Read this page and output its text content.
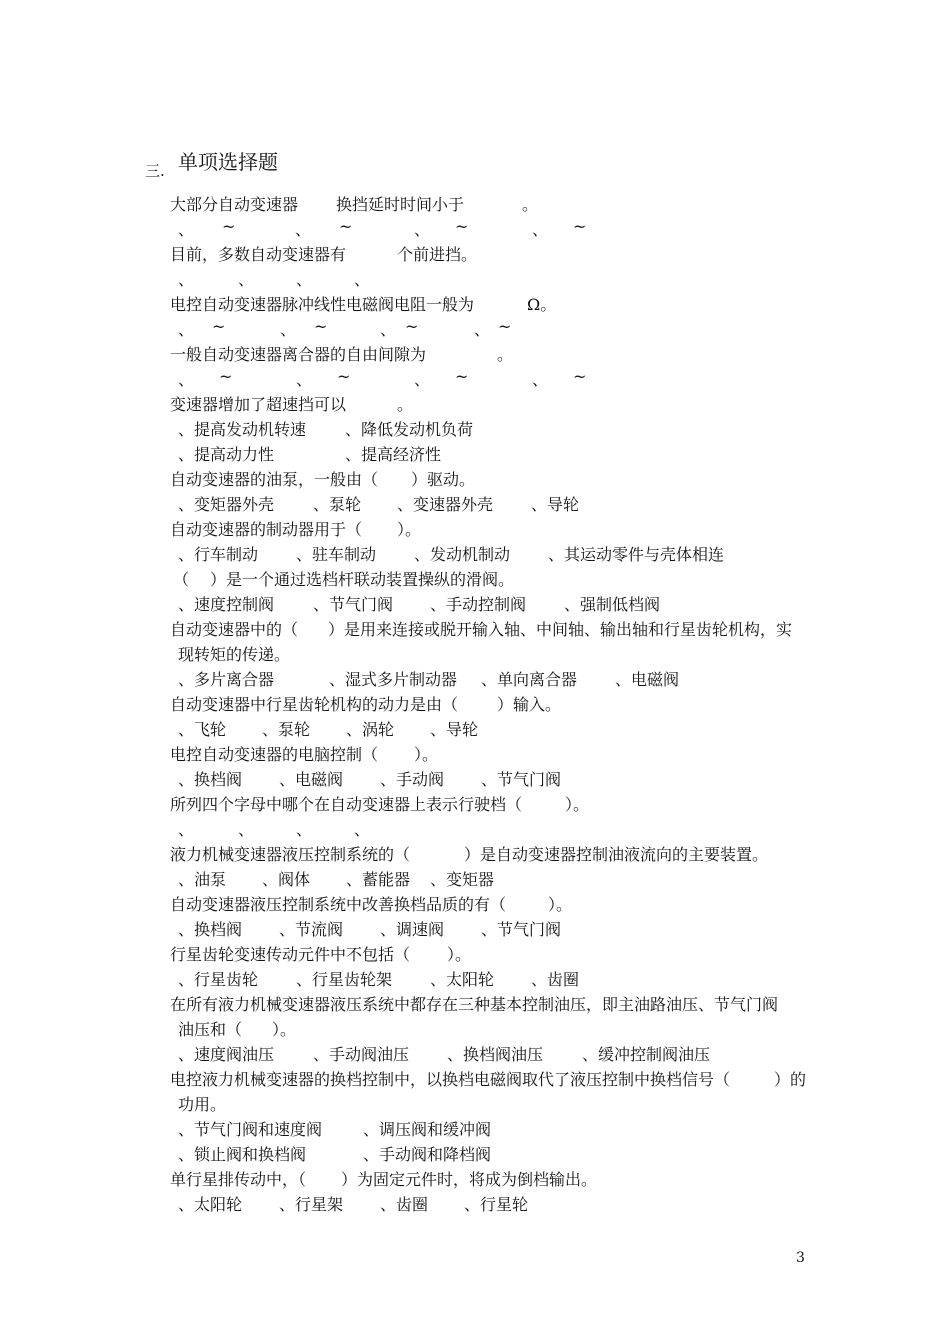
三. 单项选择题

大部分自动变速器

换挡延时时间小于

	。

、

~

	、

~

	、

~

	、

~

目前，多数自动变速器有

	个前进挡。

、

	、

	、

	、

电控自动变速器脉冲线性电磁阀电阻一般为

	Ω。

、

~

	、

~

	、

~

	、

~

一般自动变速器离合器的自由间隙为

	。

、

~

	、

~

	、

~

	、

~

变速器增加了超速挡可以

	。

、提高发动机转速

、降低发动机负荷

、提高动力性

	、提高经济性

自动变速器的油泵，一般由（

）驱动。

、变矩器外壳

、泵轮

、变速器外壳

、导轮

自动变速器的制动器用于（

）。

、行车制动

、驻车制动

、发动机制动

、其运动零件与壳体相连

（

）是一个通过选档杆联动装置操纵的滑阀。

、速度控制阀

、节气门阀

、手动控制阀

、强制低档阀

自动变速器中的（

）是用来连接或脱开输入轴、中间轴、输出轴和行星齿轮机构，实

现转矩的传递。

、多片离合器

	、湿式多片制动器

、单向离合器

、电磁阀

自动变速器中行星齿轮机构的动力是由（

）输入。

、飞轮

、泵轮

、涡轮

、导轮

电控自动变速器的电脑控制（

）。

、换档阀

、电磁阀

、手动阀

、节气门阀

所列四个字母中哪个在自动变速器上表示行驶档（

	）。

、

	、

	、

	、

液力机械变速器液压控制系统的（

	）是自动变速器控制油液流向的主要装置。

、油泵

、阀体

、蓄能器

、变矩器

自动变速器液压控制系统中改善换档品质的有（

	）。

、换档阀

、节流阀

、调速阀

、节气门阀

行星齿轮变速传动元件中不包括（

）。

、行星齿轮

、行星齿轮架

、太阳轮

、齿圈

在所有液力机械变速器液压系统中都存在三种基本控制油压，即主油路油压、节气门阀

油压和（

）。

、速度阀油压

、手动阀油压

、换档阀油压

、缓冲控制阀油压

电控液力机械变速器的换档控制中，以换档电磁阀取代了液压控制中换档信号（

	）的

功用。

、节气门阀和速度阀

	、调压阀和缓冲阀

、锁止阀和换档阀

	、手动阀和降档阀

单行星排传动中，（

）为固定元件时，将成为倒档输出。

、太阳轮

、行星架

、齿圈

、行星轮

3
